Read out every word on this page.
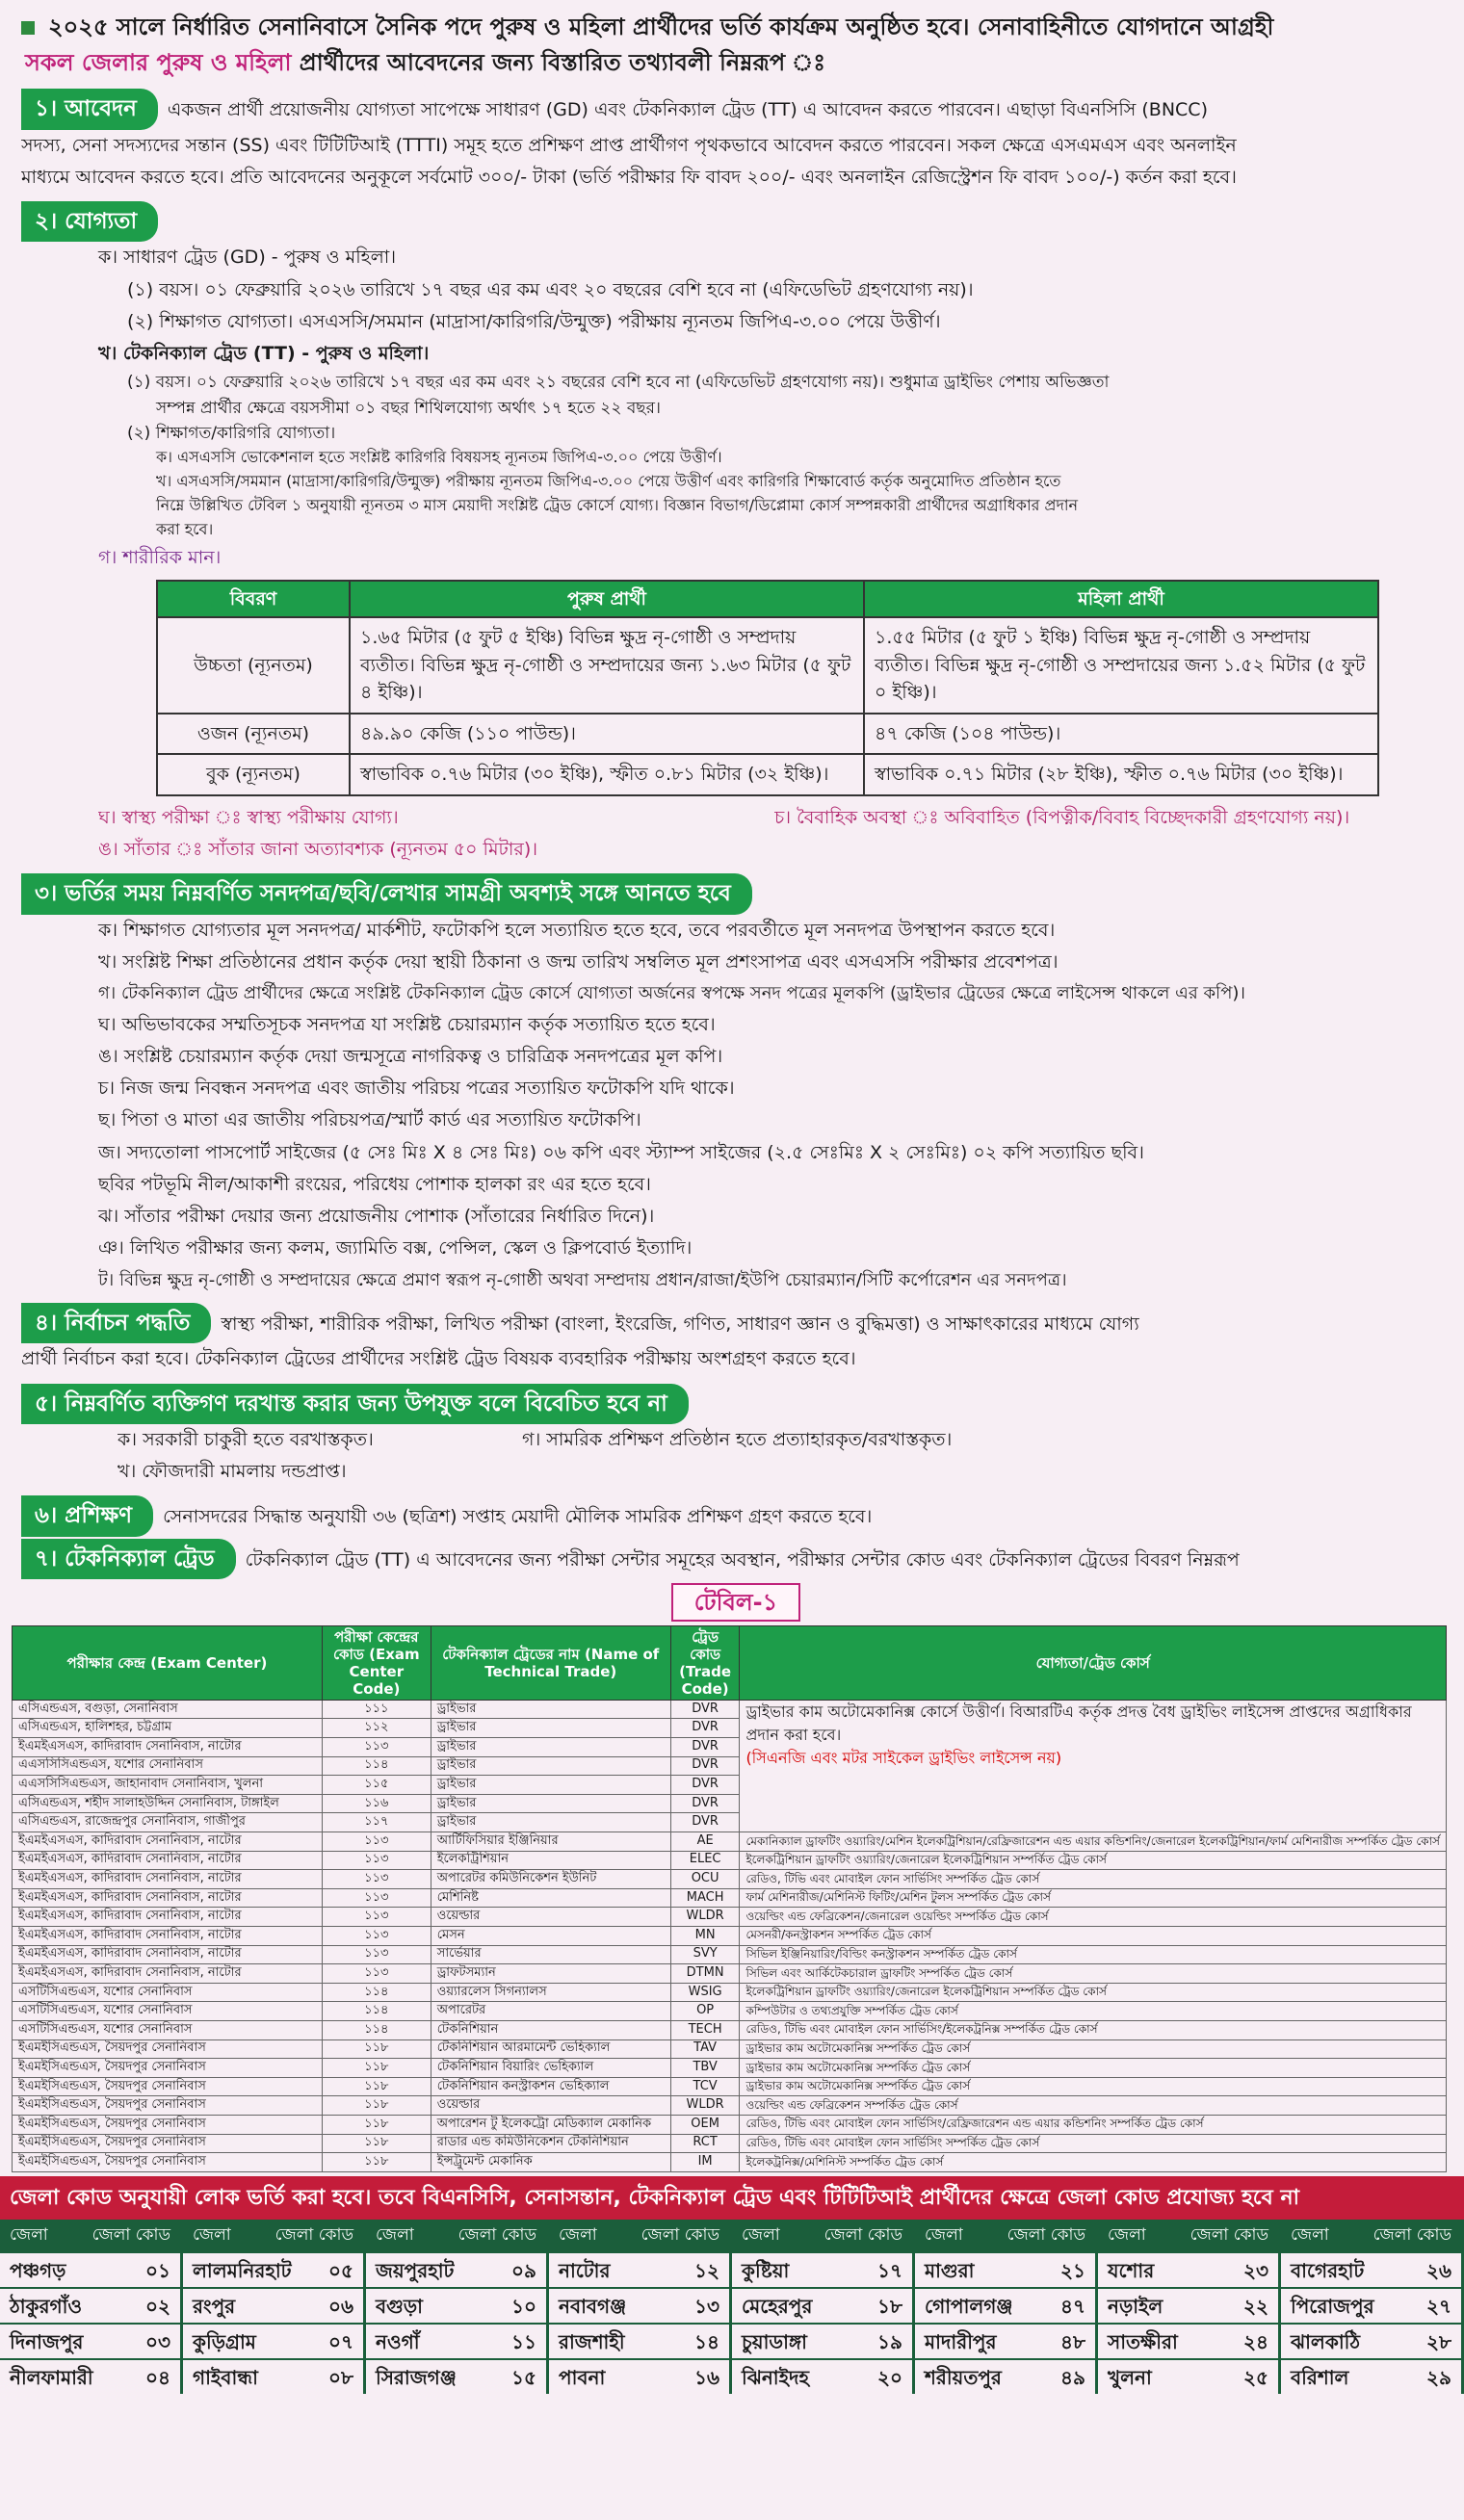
২০২৫ সালে নির্ধারিত সেনানিবাসে সৈনিক পদে পুরুষ ও মহিলা প্রার্থীদের ভর্তি কার্যক্রম অনুষ্ঠিত হবে। সেনাবাহিনীতে যোগদানে আগ্রহী
সকল জেলার পুরুষ ও মহিলা প্রার্থীদের আবেদনের জন্য বিস্তারিত তথ্যাবলী নিম্নরূপ ঃ
১। আবেদন একজন প্রার্থী প্রয়োজনীয় যোগ্যতা সাপেক্ষে সাধারণ (GD) এবং টেকনিক্যাল ট্রেড (TT) এ আবেদন করতে পারবেন। এছাড়া বিএনসিসি (BNCC)
সদস্য, সেনা সদস্যদের সন্তান (SS) এবং টিটিটিআই (TTTI) সমূহ হতে প্রশিক্ষণ প্রাপ্ত প্রার্থীগণ পৃথকভাবে আবেদন করতে পারবেন। সকল ক্ষেত্রে এসএমএস এবং অনলাইন
মাধ্যমে আবেদন করতে হবে। প্রতি আবেদনের অনুকূলে সর্বমোট ৩০০/- টাকা (ভর্তি পরীক্ষার ফি বাবদ ২০০/- এবং অনলাইন রেজিস্ট্রেশন ফি বাবদ ১০০/-) কর্তন করা হবে।
২। যোগ্যতা
ক। সাধারণ ট্রেড (GD) - পুরুষ ও মহিলা।
(১) বয়স। ০১ ফেব্রুয়ারি ২০২৬ তারিখে ১৭ বছর এর কম এবং ২০ বছরের বেশি হবে না (এফিডেভিট গ্রহণযোগ্য নয়)।
(২) শিক্ষাগত যোগ্যতা। এসএসসি/সমমান (মাদ্রাসা/কারিগরি/উন্মুক্ত) পরীক্ষায় ন্যূনতম জিপিএ-৩.০০ পেয়ে উত্তীর্ণ।
খ। টেকনিক্যাল ট্রেড (TT) - পুরুষ ও মহিলা।
(১) বয়স। ০১ ফেব্রুয়ারি ২০২৬ তারিখে ১৭ বছর এর কম এবং ২১ বছরের বেশি হবে না (এফিডেভিট গ্রহণযোগ্য নয়)। শুধুমাত্র ড্রাইভিং পেশায় অভিজ্ঞতা
সম্পন্ন প্রার্থীর ক্ষেত্রে বয়সসীমা ০১ বছর শিথিলযোগ্য অর্থাৎ ১৭ হতে ২২ বছর।
(২) শিক্ষাগত/কারিগরি যোগ্যতা।
ক। এসএসসি ভোকেশনাল হতে সংশ্লিষ্ট কারিগরি বিষয়সহ ন্যূনতম জিপিএ-৩.০০ পেয়ে উত্তীর্ণ।
খ। এসএসসি/সমমান (মাদ্রাসা/কারিগরি/উন্মুক্ত) পরীক্ষায় ন্যূনতম জিপিএ-৩.০০ পেয়ে উত্তীর্ণ এবং কারিগরি শিক্ষাবোর্ড কর্তৃক অনুমোদিত প্রতিষ্ঠান হতে
নিম্নে উল্লিখিত টেবিল ১ অনুযায়ী ন্যূনতম ৩ মাস মেয়াদী সংশ্লিষ্ট ট্রেড কোর্সে যোগ্য। বিজ্ঞান বিভাগ/ডিপ্লোমা কোর্স সম্পন্নকারী প্রার্থীদের অগ্রাধিকার প্রদান
করা হবে।
গ। শারীরিক মান।
বিবরণ	পুরুষ প্রার্থী	মহিলা প্রার্থী
উচ্চতা (ন্যূনতম)	১.৬৫ মিটার (৫ ফুট ৫ ইঞ্চি) বিভিন্ন ক্ষুদ্র নৃ-গোষ্ঠী ও সম্প্রদায় ব্যতীত। বিভিন্ন ক্ষুদ্র নৃ-গোষ্ঠী ও সম্প্রদায়ের জন্য ১.৬৩ মিটার (৫ ফুট ৪ ইঞ্চি)।	১.৫৫ মিটার (৫ ফুট ১ ইঞ্চি) বিভিন্ন ক্ষুদ্র নৃ-গোষ্ঠী ও সম্প্রদায় ব্যতীত। বিভিন্ন ক্ষুদ্র নৃ-গোষ্ঠী ও সম্প্রদায়ের জন্য ১.৫২ মিটার (৫ ফুট ০ ইঞ্চি)।
ওজন (ন্যূনতম)	৪৯.৯০ কেজি (১১০ পাউন্ড)।	৪৭ কেজি (১০৪ পাউন্ড)।
বুক (ন্যূনতম)	স্বাভাবিক ০.৭৬ মিটার (৩০ ইঞ্চি), স্ফীত ০.৮১ মিটার (৩২ ইঞ্চি)।	স্বাভাবিক ০.৭১ মিটার (২৮ ইঞ্চি), স্ফীত ০.৭৬ মিটার (৩০ ইঞ্চি)।
ঘ। স্বাস্থ্য পরীক্ষা ঃ স্বাস্থ্য পরীক্ষায় যোগ্য।	চ। বৈবাহিক অবস্থা ঃ অবিবাহিত (বিপত্নীক/বিবাহ বিচ্ছেদকারী গ্রহণযোগ্য নয়)।
ঙ। সাঁতার ঃ সাঁতার জানা অত্যাবশ্যক (ন্যূনতম ৫০ মিটার)।
৩। ভর্তির সময় নিম্নবর্ণিত সনদপত্র/ছবি/লেখার সামগ্রী অবশ্যই সঙ্গে আনতে হবে
ক। শিক্ষাগত যোগ্যতার মূল সনদপত্র/ মার্কশীট, ফটোকপি হলে সত্যায়িত হতে হবে, তবে পরবর্তীতে মূল সনদপত্র উপস্থাপন করতে হবে।
খ। সংশ্লিষ্ট শিক্ষা প্রতিষ্ঠানের প্রধান কর্তৃক দেয়া স্থায়ী ঠিকানা ও জন্ম তারিখ সম্বলিত মূল প্রশংসাপত্র এবং এসএসসি পরীক্ষার প্রবেশপত্র।
গ। টেকনিক্যাল ট্রেড প্রার্থীদের ক্ষেত্রে সংশ্লিষ্ট টেকনিক্যাল ট্রেড কোর্সে যোগ্যতা অর্জনের স্বপক্ষে সনদ পত্রের মূলকপি (ড্রাইভার ট্রেডের ক্ষেত্রে লাইসেন্স থাকলে এর কপি)।
ঘ। অভিভাবকের সম্মতিসূচক সনদপত্র যা সংশ্লিষ্ট চেয়ারম্যান কর্তৃক সত্যায়িত হতে হবে।
ঙ। সংশ্লিষ্ট চেয়ারম্যান কর্তৃক দেয়া জন্মসূত্রে নাগরিকত্ব ও চারিত্রিক সনদপত্রের মূল কপি।
চ। নিজ জন্ম নিবন্ধন সনদপত্র এবং জাতীয় পরিচয় পত্রের সত্যায়িত ফটোকপি যদি থাকে।
ছ। পিতা ও মাতা এর জাতীয় পরিচয়পত্র/স্মার্ট কার্ড এর সত্যায়িত ফটোকপি।
জ। সদ্যতোলা পাসপোর্ট সাইজের (৫ সেঃ মিঃ X ৪ সেঃ মিঃ) ০৬ কপি এবং স্ট্যাম্প সাইজের (২.৫ সেঃমিঃ X ২ সেঃমিঃ) ০২ কপি সত্যায়িত ছবি।
ছবির পটভূমি নীল/আকাশী রংয়ের, পরিধেয় পোশাক হালকা রং এর হতে হবে।
ঝ। সাঁতার পরীক্ষা দেয়ার জন্য প্রয়োজনীয় পোশাক (সাঁতারের নির্ধারিত দিনে)।
ঞ। লিখিত পরীক্ষার জন্য কলম, জ্যামিতি বক্স, পেন্সিল, স্কেল ও ক্লিপবোর্ড ইত্যাদি।
ট। বিভিন্ন ক্ষুদ্র নৃ-গোষ্ঠী ও সম্প্রদায়ের ক্ষেত্রে প্রমাণ স্বরূপ নৃ-গোষ্ঠী অথবা সম্প্রদায় প্রধান/রাজা/ইউপি চেয়ারম্যান/সিটি কর্পোরেশন এর সনদপত্র।
৪। নির্বাচন পদ্ধতি স্বাস্থ্য পরীক্ষা, শারীরিক পরীক্ষা, লিখিত পরীক্ষা (বাংলা, ইংরেজি, গণিত, সাধারণ জ্ঞান ও বুদ্ধিমত্তা) ও সাক্ষাৎকারের মাধ্যমে যোগ্য
প্রার্থী নির্বাচন করা হবে। টেকনিক্যাল ট্রেডের প্রার্থীদের সংশ্লিষ্ট ট্রেড বিষয়ক ব্যবহারিক পরীক্ষায় অংশগ্রহণ করতে হবে।
৫। নিম্নবর্ণিত ব্যক্তিগণ দরখাস্ত করার জন্য উপযুক্ত বলে বিবেচিত হবে না
ক। সরকারী চাকুরী হতে বরখাস্তকৃত।	গ। সামরিক প্রশিক্ষণ প্রতিষ্ঠান হতে প্রত্যাহারকৃত/বরখাস্তকৃত।
খ। ফৌজদারী মামলায় দন্ডপ্রাপ্ত।
৬। প্রশিক্ষণ সেনাসদরের সিদ্ধান্ত অনুযায়ী ৩৬ (ছত্রিশ) সপ্তাহ মেয়াদী মৌলিক সামরিক প্রশিক্ষণ গ্রহণ করতে হবে।
৭। টেকনিক্যাল ট্রেড টেকনিক্যাল ট্রেড (TT) এ আবেদনের জন্য পরীক্ষা সেন্টার সমূহের অবস্থান, পরীক্ষার সেন্টার কোড এবং টেকনিক্যাল ট্রেডের বিবরণ নিম্নরূপ
টেবিল-১
পরীক্ষার কেন্দ্র (Exam Center)	পরীক্ষা কেন্দ্রের কোড (Exam Center Code)	টেকনিক্যাল ট্রেডের নাম (Name of Technical Trade)	ট্রেড কোড (Trade Code)	যোগ্যতা/ট্রেড কোর্স
এসিএন্ডএস, বগুড়া, সেনানিবাস	১১১	ড্রাইভার	DVR	ড্রাইভার কাম অটোমেকানিক্স কোর্সে উত্তীর্ণ। বিআরটিএ কর্তৃক প্রদত্ত বৈধ ড্রাইভিং লাইসেন্স প্রাপ্তদের অগ্রাধিকার প্রদান করা হবে।
(সিএনজি এবং মটর সাইকেল ড্রাইভিং লাইসেন্স নয়)
এসিএন্ডএস, হালিশহর, চট্টগ্রাম	১১২	ড্রাইভার	DVR	
ইএমইএসএস, কাদিরাবাদ সেনানিবাস, নাটোর	১১৩	ড্রাইভার	DVR	
এএসসিসিএন্ডএস, যশোর সেনানিবাস	১১৪	ড্রাইভার	DVR	
এএসসিসিএন্ডএস, জাহানাবাদ সেনানিবাস, খুলনা	১১৫	ড্রাইভার	DVR	
এসিএন্ডএস, শহীদ সালাহউদ্দিন সেনানিবাস, টাঙ্গাইল	১১৬	ড্রাইভার	DVR	
এসিএন্ডএস, রাজেন্দ্রপুর সেনানিবাস, গাজীপুর	১১৭	ড্রাইভার	DVR	
ইএমইএসএস, কাদিরাবাদ সেনানিবাস, নাটোর	১১৩	আর্টিফিসিয়ার ইঞ্জিনিয়ার	AE	মেকানিক্যাল ড্রাফটিং ওয়্যারিং/মেশিন ইলেকট্রিশিয়ান/রেফ্রিজারেশন এন্ড এয়ার কন্ডিশনিং/জেনারেল ইলেকট্রিশিয়ান/ফার্ম মেশিনারীজ সম্পর্কিত ট্রেড কোর্স
ইএমইএসএস, কাদিরাবাদ সেনানিবাস, নাটোর	১১৩	ইলেকট্রিশিয়ান	ELEC	ইলেকট্রিশিয়ান ড্রাফটিং ওয়্যারিং/জেনারেল ইলেকট্রিশিয়ান সম্পর্কিত ট্রেড কোর্স
ইএমইএসএস, কাদিরাবাদ সেনানিবাস, নাটোর	১১৩	অপারেটর কমিউনিকেশন ইউনিট	OCU	রেডিও, টিভি এবং মোবাইল ফোন সার্ভিসিং সম্পর্কিত ট্রেড কোর্স
ইএমইএসএস, কাদিরাবাদ সেনানিবাস, নাটোর	১১৩	মেশিনিষ্ট	MACH	ফার্ম মেশিনারীজ/মেশিনিস্ট ফিটিং/মেশিন টুলস সম্পর্কিত ট্রেড কোর্স
ইএমইএসএস, কাদিরাবাদ সেনানিবাস, নাটোর	১১৩	ওয়েল্ডার	WLDR	ওয়েল্ডিং এন্ড ফেব্রিকেশন/জেনারেল ওয়েল্ডিং সম্পর্কিত ট্রেড কোর্স
ইএমইএসএস, কাদিরাবাদ সেনানিবাস, নাটোর	১১৩	মেসন	MN	মেসনরী/কনস্ট্রাকশন সম্পর্কিত ট্রেড কোর্স
ইএমইএসএস, কাদিরাবাদ সেনানিবাস, নাটোর	১১৩	সার্ভেয়ার	SVY	সিভিল ইঞ্জিনিয়ারিং/বিল্ডিং কনস্ট্রাকশন সম্পর্কিত ট্রেড কোর্স
ইএমইএসএস, কাদিরাবাদ সেনানিবাস, নাটোর	১১৩	ড্রাফটসম্যান	DTMN	সিভিল এবং আর্কিটেকচারাল ড্রাফটিং সম্পর্কিত ট্রেড কোর্স
এসটিসিএন্ডএস, যশোর সেনানিবাস	১১৪	ওয়্যারলেস সিগন্যালস	WSIG	ইলেকট্রিশিয়ান ড্রাফটিং ওয়্যারিং/জেনারেল ইলেকট্রিশিয়ান সম্পর্কিত ট্রেড কোর্স
এসটিসিএন্ডএস, যশোর সেনানিবাস	১১৪	অপারেটর	OP	কম্পিউটার ও তথ্যপ্রযুক্তি সম্পর্কিত ট্রেড কোর্স
এসটিসিএন্ডএস, যশোর সেনানিবাস	১১৪	টেকনিশিয়ান	TECH	রেডিও, টিভি এবং মোবাইল ফোন সার্ভিসিং/ইলেকট্রনিক্স সম্পর্কিত ট্রেড কোর্স
ইএমইসিএন্ডএস, সৈয়দপুর সেনানিবাস	১১৮	টেকনিশিয়ান আরমামেন্ট ভেহিক্যাল	TAV	ড্রাইভার কাম অটোমেকানিক্স সম্পর্কিত ট্রেড কোর্স
ইএমইসিএন্ডএস, সৈয়দপুর সেনানিবাস	১১৮	টেকনিশিয়ান বিয়ারিং ভেহিক্যাল	TBV	ড্রাইভার কাম অটোমেকানিক্স সম্পর্কিত ট্রেড কোর্স
ইএমইসিএন্ডএস, সৈয়দপুর সেনানিবাস	১১৮	টেকনিশিয়ান কনস্ট্রাকশন ভেহিক্যাল	TCV	ড্রাইভার কাম অটোমেকানিক্স সম্পর্কিত ট্রেড কোর্স
ইএমইসিএন্ডএস, সৈয়দপুর সেনানিবাস	১১৮	ওয়েল্ডার	WLDR	ওয়েল্ডিং এন্ড ফেব্রিকেশন সম্পর্কিত ট্রেড কোর্স
ইএমইসিএন্ডএস, সৈয়দপুর সেনানিবাস	১১৮	অপারেশন টু ইলেকট্রো মেডিক্যাল মেকানিক	OEM	রেডিও, টিভি এবং মোবাইল ফোন সার্ভিসিং/রেফ্রিজারেশন এন্ড এয়ার কন্ডিশনিং সম্পর্কিত ট্রেড কোর্স
ইএমইসিএন্ডএস, সৈয়দপুর সেনানিবাস	১১৮	রাডার এন্ড কমিউনিকেশন টেকনিশিয়ান	RCT	রেডিও, টিভি এবং মোবাইল ফোন সার্ভিসিং সম্পর্কিত ট্রেড কোর্স
ইএমইসিএন্ডএস, সৈয়দপুর সেনানিবাস	১১৮	ইন্সট্রুমেন্ট মেকানিক	IM	ইলেকট্রনিক্স/মেশিনিস্ট সম্পর্কিত ট্রেড কোর্স
জেলা কোড অনুযায়ী লোক ভর্তি করা হবে। তবে বিএনসিসি, সেনাসন্তান, টেকনিক্যাল ট্রেড এবং টিটিটিআই প্রার্থীদের ক্ষেত্রে জেলা কোড প্রযোজ্য হবে না
জেলা	জেলা কোড
পঞ্চগড়	০১
ঠাকুরগাঁও	০২
দিনাজপুর	০৩
নীলফামারী	০৪
জেলা	জেলা কোড
লালমনিরহাট ০৫
রংপুর	০৬
কুড়িগ্রাম	০৭
গাইবান্ধা	০৮
জেলা	জেলা কোড
জয়পুরহাট	০৯
বগুড়া	১০
নওগাঁ	১১
সিরাজগঞ্জ	১৫
জেলা	জেলা কোড
নাটোর	১২
নবাবগঞ্জ	১৩
রাজশাহী	১৪
পাবনা	১৬
জেলা	জেলা কোড
কুষ্টিয়া	১৭
মেহেরপুর	১৮
চুয়াডাঙ্গা	১৯
ঝিনাইদহ	২০
জেলা	জেলা কোড
মাগুরা	২১
গোপালগঞ্জ ৪৭
মাদারীপুর	৪৮
শরীয়তপুর	৪৯
জেলা	জেলা কোড
যশোর	২৩
নড়াইল	২২
সাতক্ষীরা	২৪
খুলনা	২৫
জেলা	জেলা কোড
বাগেরহাট	২৬
পিরোজপুর	২৭
ঝালকাঠি	২৮
বরিশাল	২৯
